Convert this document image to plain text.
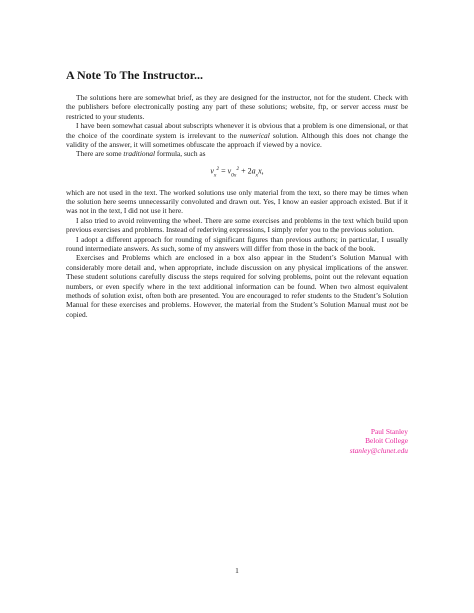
A Note To The Instructor...

The solutions here are somewhat brief, as they are designed for the instructor, not for the student. Check with the publishers before electronically posting any part of these solutions; website, ftp, or server access must be restricted to your students.

I have been somewhat casual about subscripts whenever it is obvious that a problem is one dimensional, or that the choice of the coordinate system is irrelevant to the numerical solution. Although this does not change the validity of the answer, it will sometimes obfuscate the approach if viewed by a novice.

There are some traditional formula, such as

$v_x^2 = v_{0x}^2 + 2a_xx$,

which are not used in the text. The worked solutions use only material from the text, so there may be times when the solution here seems unnecessarily convoluted and drawn out. Yes, I know an easier approach existed. But if it was not in the text, I did not use it here.

I also tried to avoid reinventing the wheel. There are some exercises and problems in the text which build upon previous exercises and problems. Instead of rederiving expressions, I simply refer you to the previous solution.

I adopt a different approach for rounding of significant figures than previous authors; in particular, I usually round intermediate answers. As such, some of my answers will differ from those in the back of the book.

Exercises and Problems which are enclosed in a box also appear in the Student’s Solution Manual with considerably more detail and, when appropriate, include discussion on any physical implications of the answer. These student solutions carefully discuss the steps required for solving problems, point out the relevant equation numbers, or even specify where in the text additional information can be found. When two almost equivalent methods of solution exist, often both are presented. You are encouraged to refer students to the Student’s Solution Manual for these exercises and problems. However, the material from the Student’s Solution Manual must not be copied.

Paul Stanley
Beloit College
stanley@clunet.edu
1
